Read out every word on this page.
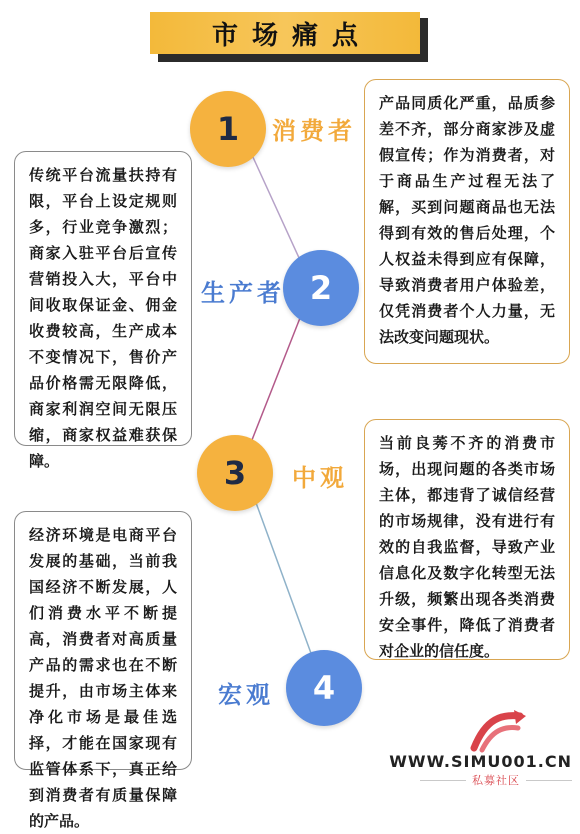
市场痛点
1 消费者
产品同质化严重，品质参差不齐，部分商家涉及虚假宣传；作为消费者，对于商品生产过程无法了解，买到问题商品也无法得到有效的售后处理，个人权益未得到应有保障，导致消费者用户体验差，仅凭消费者个人力量，无法改变问题现状。
2
生产者
传统平台流量扶持有限，平台上设定规则多，行业竞争激烈；商家入驻平台后宣传营销投入大，平台中间收取保证金、佣金收费较高，生产成本不变情况下，售价产品价格需无限降低，商家利润空间无限压缩，商家权益难获保障。	3 中观
当前良莠不齐的消费市场，出现问题的各类市场主体，都违背了诚信经营的市场规律，没有进行有效的自我监督，导致产业信息化及数字化转型无法升级，频繁出现各类消费安全事件，降低了消费者对企业的信任度。
4
宏观
经济环境是电商平台发展的基础，当前我国经济不断发展，人们消费水平不断提高，消费者对高质量产品的需求也在不断提升，由市场主体来净化市场是最佳选择，才能在国家现有监管体系下，真正给到消费者有质量保障的产品。
WWW.SIMU001.CN
私募社区
